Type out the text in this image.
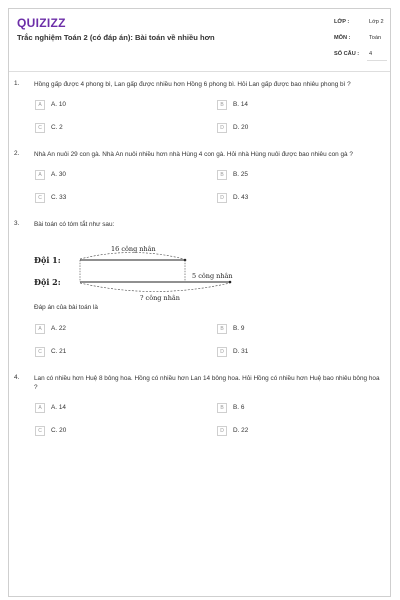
QUIZIZZ
Trắc nghiệm Toán 2 (có đáp án): Bài toán về nhiều hơn
LỚP :	Lớp 2
MÔN :	Toán
SỐ CÂU : 4
1. Hồng gấp được 4 phong bì, Lan gấp được nhiều hơn Hồng 6 phong bì. Hỏi Lan gấp được bao nhiêu phong bì ?
A	A. 10	B	B. 14
C	C. 2	D	D. 20
2. Nhà An nuôi 29 con gà. Nhà An nuôi nhiều hơn nhà Hùng 4 con gà. Hỏi nhà Hùng nuôi được bao nhiêu con gà ?
A	A. 30	B	B. 25
C	C. 33	D	D. 43
3. Bài toán có tóm tắt như sau:
Đội 1:
Đội 2:
16 công nhân
5 công nhân
? công nhân
Đáp án của bài toán là
A	A. 22	B	B. 9
C	C. 21	D	D. 31
4. Lan có nhiều hơn Huệ 8 bông hoa. Hồng có nhiều hơn Lan 14 bông hoa. Hỏi Hồng có nhiều hơn Huệ bao nhiêu bông hoa ?
A	A. 14	B	B. 6
C	C. 20	D	D. 22
